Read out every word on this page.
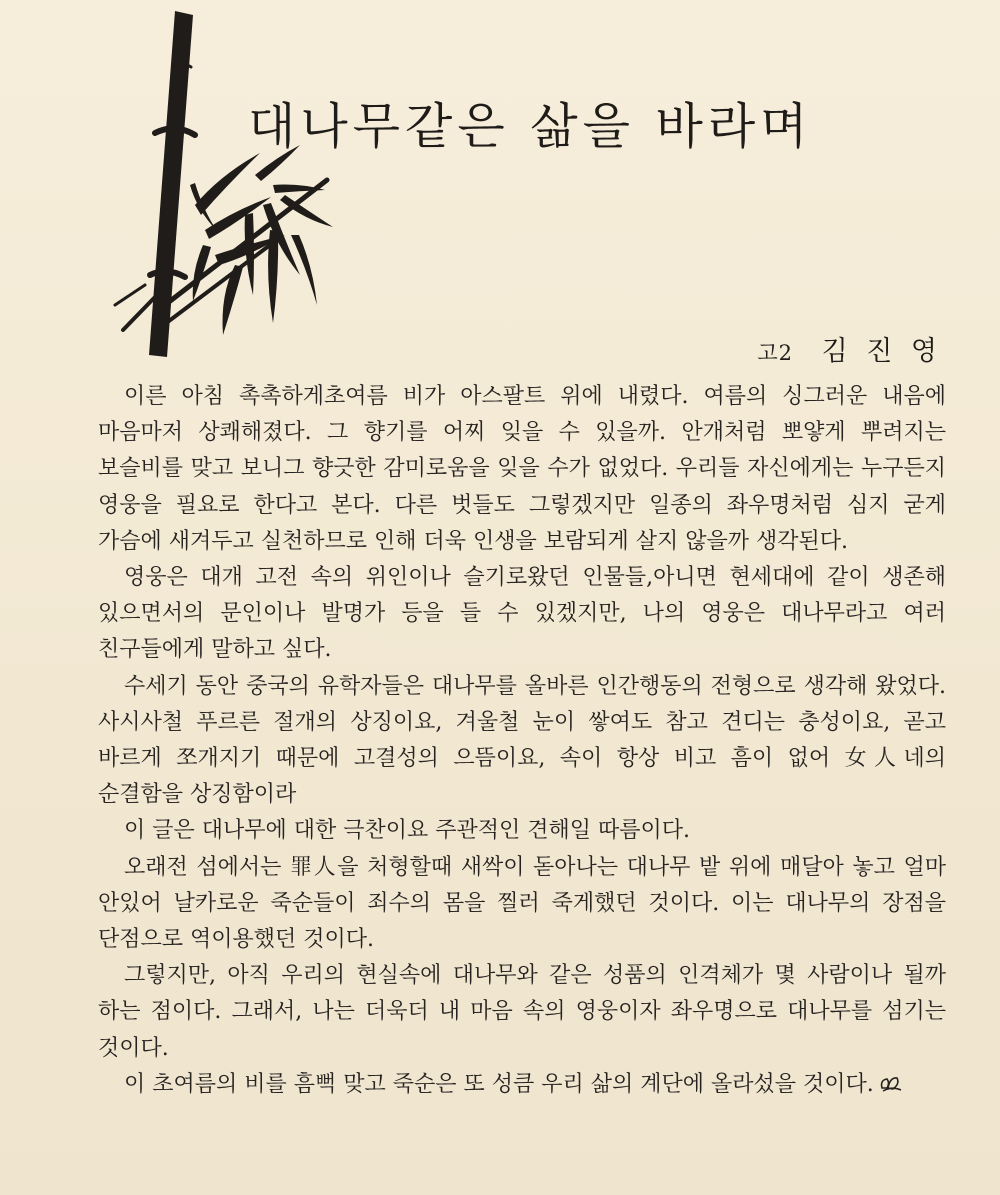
대나무같은 삶을 바라며
고2 김 진 영

이른 아침 촉촉하게초여름 비가 아스팔트 위에 내렸다. 여름의 싱그러운 내음에 마음마저 상쾌해졌다. 그 향기를 어찌 잊을 수 있을까. 안개처럼 뽀얗게 뿌려지는 보슬비를 맞고 보니그 향긋한 감미로움을 잊을 수가 없었다. 우리들 자신에게는 누구든지 영웅을 필요로 한다고 본다. 다른 벗들도 그렇겠지만 일종의 좌우명처럼 심지 굳게 가슴에 새겨두고 실천하므로 인해 더욱 인생을 보람되게 살지 않을까 생각된다.

영웅은 대개 고전 속의 위인이나 슬기로왔던 인물들,아니면 현세대에 같이 생존해 있으면서의 문인이나 발명가 등을 들 수 있겠지만, 나의 영웅은 대나무라고 여러 친구들에게 말하고 싶다.

수세기 동안 중국의 유학자들은 대나무를 올바른 인간행동의 전형으로 생각해 왔었다. 사시사철 푸르른 절개의 상징이요, 겨울철 눈이 쌓여도 참고 견디는 충성이요, 곧고 바르게 쪼개지기 때문에 고결성의 으뜸이요, 속이 항상 비고 흠이 없어 女人네의 순결함을 상징함이라

이 글은 대나무에 대한 극찬이요 주관적인 견해일 따름이다.

오래전 섬에서는 罪人을 처형할때 새싹이 돋아나는 대나무 밭 위에 매달아 놓고 얼마 안있어 날카로운 죽순들이 죄수의 몸을 찔러 죽게했던 것이다. 이는 대나무의 장점을 단점으로 역이용했던 것이다.

그렇지만, 아직 우리의 현실속에 대나무와 같은 성품의 인격체가 몇 사람이나 될까 하는 점이다. 그래서, 나는 더욱더 내 마음 속의 영웅이자 좌우명으로 대나무를 섬기는 것이다.

이 초여름의 비를 흠뻑 맞고 죽순은 또 성큼 우리 삶의 계단에 올라섰을 것이다.
